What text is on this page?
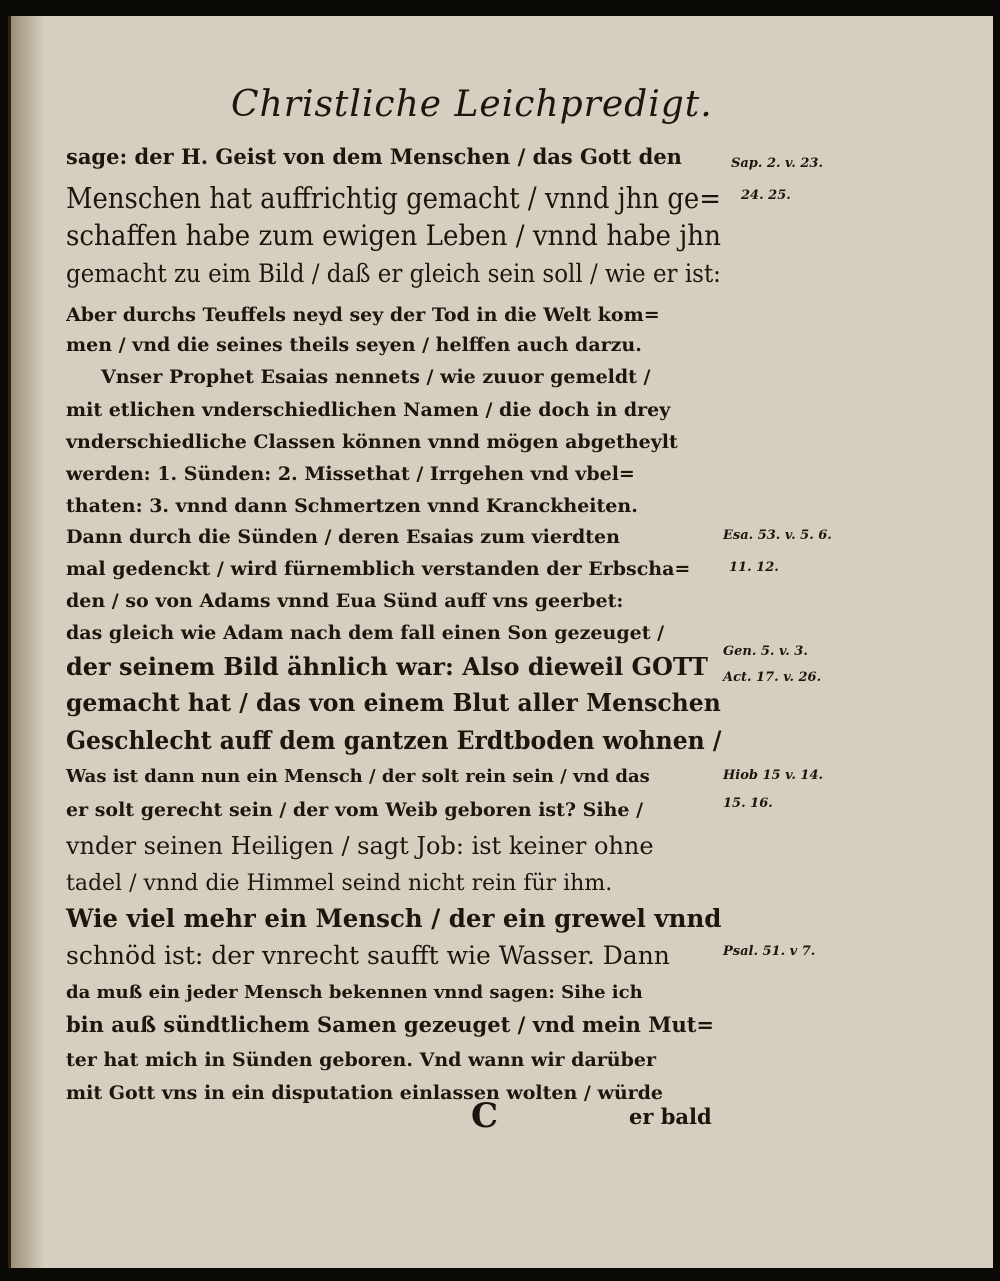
Christliche Leichpredigt.
sage: der H. Geist von dem Menschen / das Gott den
Menschen hat auffrichtig gemacht / vnnd jhn ge=
schaffen habe zum ewigen Leben / vnnd habe jhn
gemacht zu eim Bild / daß er gleich sein soll / wie er ist:
Aber durchs Teuffels neyd sey der Tod in die Welt kom=
men / vnd die seines theils seyen / helffen auch darzu.
Vnser Prophet Esaias nennets / wie zuuor gemeldt /
mit etlichen vnderschiedlichen Namen / die doch in drey
vnderschiedliche Classen können vnnd mögen abgetheylt
werden: 1. Sünden: 2. Missethat / Irrgehen vnd vbel=
thaten: 3. vnnd dann Schmertzen vnnd Kranckheiten.
Dann durch die Sünden / deren Esaias zum vierdten
mal gedenckt / wird fürnemblich verstanden der Erbscha=
den / so von Adams vnnd Eua Sünd auff vns geerbet:
das gleich wie Adam nach dem fall einen Son gezeuget /
der seinem Bild ähnlich war: Also dieweil GOTT
gemacht hat / das von einem Blut aller Menschen
Geschlecht auff dem gantzen Erdtboden wohnen /
Was ist dann nun ein Mensch / der solt rein sein / vnd das
er solt gerecht sein / der vom Weib geboren ist? Sihe /
vnder seinen Heiligen / sagt Job: ist keiner ohne
tadel / vnnd die Himmel seind nicht rein für ihm.
Wie viel mehr ein Mensch / der ein grewel vnnd
schnöd ist: der vnrecht saufft wie Wasser. Dann
da muß ein jeder Mensch bekennen vnnd sagen: Sihe ich
bin auß sündtlichem Samen gezeuget / vnd mein Mut=
ter hat mich in Sünden geboren. Vnd wann wir darüber
mit Gott vns in ein disputation einlassen wolten / würde
Sap. 2. v. 23.
24. 25.
Esa. 53. v. 5. 6.
11. 12.
Gen. 5. v. 3.
Act. 17. v. 26.
Hiob 15 v. 14.
15. 16.
Psal. 51. v 7.
C	er bald
